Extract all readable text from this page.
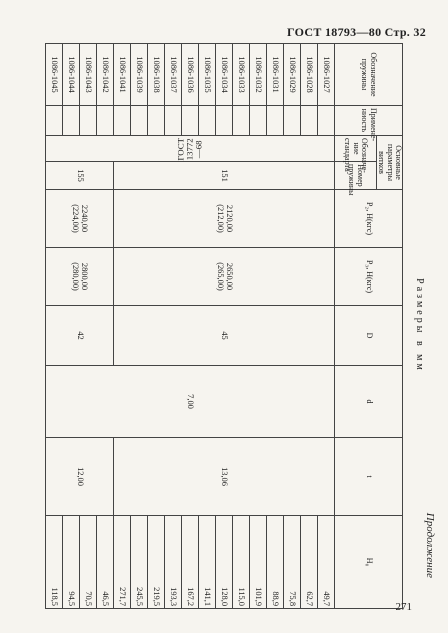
ГОСТ 18793—80 Стр. 32
Продолжение
Размеры в мм
Обозначение пружины	Примене- ниость	Основные параметры витков		P₂, Н(кгс)	P₃, Н(кгс)	D	d	t	H₀
		Обозначе- ние стандарта	Номер пружины						
1086-1027		ГОСТ 13772—68	151	2120,00 (212,00)	2650,00 (265,00)	45	7,00	13,06	49,7
1086-1028									62,7
1086-1029									75,8
1086-1031									88,9
1086-1032									101,9
1086-1033									115,0
1086-1034									128,0
1086-1035									141,1
1086-1036									167,2
1086-1037									193,3
1086-1038									219,5
1086-1039									245,5
1086-1041									271,7
1086-1042			155	2240,00 (224,00)	2800,00 (280,00)	42		12,00	46,5
1086-1043									70,5
1086-1044									94,5
1086-1045									118,5
271
